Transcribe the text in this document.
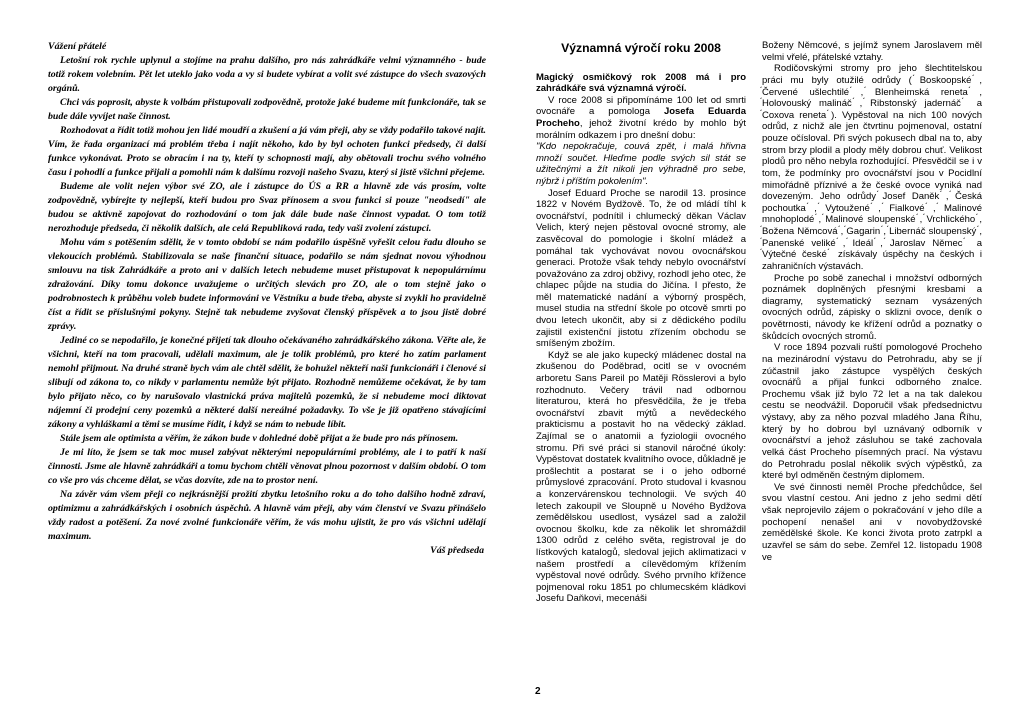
Vážení přátelé

Letošní rok rychle uplynul a stojíme na prahu dalšího, pro nás zahrádkáře velmi významného - bude totiž rokem volebním. Pět let uteklo jako voda a vy si budete vybírat a volit své zástupce do všech svazových orgánů.

Chci vás poprosit, abyste k volbám přistupovali zodpovědně, protože jaké budeme mít funkcionáře, tak se bude dále vyvíjet naše činnost.

Rozhodovat a řídit totiž mohou jen lidé moudří a zkušení a já vám přeji, aby se vždy podařilo takové najít. Vím, že řada organizací má problém třeba i najít někoho, kdo by byl ochoten funkci předsedy, či další funkce vykonávat. Proto se obracím i na ty, kteří ty schopnosti mají, aby obětovali trochu svého volného času i pohodlí a funkce přijali a pomohli nám k dalšímu rozvoji našeho Svazu, který si jistě všichni přejeme.

Budeme ale volit nejen výbor své ZO, ale i zástupce do ÚS a RR a hlavně zde vás prosím, volte zodpovědně, vybírejte ty nejlepší, kteří budou pro Svaz přínosem a svou funkci si pouze "neodsedí" ale budou se aktivně zapojovat do rozhodování o tom jak dále bude naše činnost vypadat. O tom totiž nerozhoduje předseda, či několik dalších, ale celá Republiková rada, tedy vaši zvolení zástupci.

Mohu vám s potěšením sdělit, že v tomto období se nám podařilo úspěšně vyřešit celou řadu dlouho se vlekoucích problémů. Stabilizovala se naše finanční situace, podařilo se nám sjednat novou výhodnou smlouvu na tisk Zahrádkáře a proto ani v dalších letech nebudeme muset přistupovat k nepopulárnímu zdražování. Díky tomu dokonce uvažujeme o určitých slevách pro ZO, ale o tom stejně jako o podrobnostech k průběhu voleb budete informováni ve Věstníku a bude třeba, abyste si zvykli ho pravidelně číst a řídit se příslušnými pokyny. Stejně tak nebudeme zvyšovat členský příspěvek a to jsou jistě dobré zprávy.

Jediné co se nepodařilo, je konečné přijetí tak dlouho očekávaného zahrádkářského zákona. Věřte ale, že všichni, kteří na tom pracovali, udělali maximum, ale je tolik problémů, pro které ho zatím parlament nemohl přijmout. Na druhé straně bych vám ale chtěl sdělit, že bohužel někteří naši funkcionáři i členové si slibují od zákona to, co nikdy v parlamentu nemůže být přijato. Rozhodně nemůžeme očekávat, že by tam bylo přijato něco, co by narušovalo vlastnická práva majitelů pozemků, že si nebudeme moci diktovat nájemní či prodejní ceny pozemků a některé další nereálné požadavky. To vše je již opatřeno stávajícími zákony a vyhláškami a těmi se musíme řídit, i když se nám to nebude líbit.

Stále jsem ale optimista a věřím, že zákon bude v dohledné době přijat a že bude pro nás přínosem.

Je mi líto, že jsem se tak moc musel zabývat některými nepopulárními problémy, ale i to patří k naší činnosti. Jsme ale hlavně zahrádkáři a tomu bychom chtěli věnovat plnou pozornost v dalším období. O tom co vše pro vás chceme dělat, se včas dozvíte, zde na to prostor není.

Na závěr vám všem přeji co nejkrásnější prožití zbytku letošního roku a do toho dalšího hodně zdraví, optimizmu a zahrádkářských i osobních úspěchů. A hlavně vám přeji, aby vám členství ve Svazu přinášelo vždy radost a potěšení. Za nové zvolné funkcionáře věřím, že vás mohu ujistit, že pro vás všichni udělají maximum.

Váš předseda

Významná výročí roku 2008

Magický osmičkový rok 2008 má i pro zahrádkáře svá významná výročí.

V roce 2008 si připomínáme 100 let od smrti ovocnáře a pomologa Josefa Eduarda Procheho, jehož životní krédo by mohlo být morálním odkazem i pro dnešní dobu:

"Kdo nepokračuje, couvá zpět, i malá hřivna množí součet. Hleďme podle svých sil stát se užitečnými a žít nikoli jen výhradně pro sebe, nýbrž i příštím pokolením".

Josef Eduard Proche se narodil 13. prosince 1822 v Novém Bydžově. To, že od mládí tíhl k ovocnářství, podnítil i chlumecký děkan Václav Velich, který nejen pěstoval ovocné stromy, ale zasvěcoval do pomologie i školní mládež a pomáhal tak vychovávat novou ovocnářskou generaci. Protože však tehdy nebylo ovocnářství považováno za zdroj obživy, rozhodl jeho otec, že chlapec půjde na studia do Jičína. I přesto, že měl matematické nadání a výborný prospěch, musel studia na střední škole po otcově smrti po dvou letech ukončit, aby si z dědického podílu zajistil existenční jistotu zřízením obchodu se smíšeným zbožím.

Když se ale jako kupecký mládenec dostal na zkušenou do Poděbrad, ocitl se v ovocném arboretu Sans Pareil po Matěji Rösslerovi a bylo rozhodnuto. Večery trávil nad odbornou literaturou, která ho přesvědčila, že je třeba ovocnářství zbavit mýtů a nevědeckého prakticismu a postavit ho na vědecký základ. Zajímal se o anatomii a fyziologii ovocného stromu. Při své práci si stanovil náročné úkoly: Vypěstovat dostatek kvalitního ovoce, důkladně je prošlechtit a postarat se i o jeho odborné průmyslové zpracování. Proto studoval i kvasnou a konzervárenskou technologii. Ve svých 40 letech zakoupil ve Sloupně u Nového Bydžova zemědělskou usedlost, vysázel sad a založil ovocnou školku, kde za několik let shromáždil 1300 odrůd z celého světa, registroval je do lístkových katalogů, sledoval jejich aklimatizaci v našem prostředí a cílevědomým křížením vypěstoval nové odrůdy. Svého prvního křížence pojmenoval roku 1851 po chlumecském kládkovi Josefu Daňkovi, mecenáši

Boženy Němcové, s jejímž synem Jaroslavem měl velmi vřelé, přátelské vztahy.

Rodičovskými stromy pro jeho šlechtitelskou práci mu byly otužilé odrůdy ( ́Boskoopské ́, ́Červené ušlechtilé ́, ́Blenheimská reneta ́, ́Holovouský malináč ́, ́Ribstonský jadernáč ́ a ́Coxova reneta ́). Vypěstoval na nich 100 nových odrůd, z nichž ale jen čtvrtinu pojmenoval, ostatní pouze očísloval. Při svých pokusech dbal na to, aby strom brzy plodil a plody měly dobrou chuť. Velikost plodů pro něho nebyla rozhodující. Přesvědčil se i v tom, že podmínky pro ovocnářství jsou v Pocidlní mimořádně příznivé a že české ovoce vyniká nad dovezeným. Jeho odrůdy ́Josef Daněk ́, ́Česká pochoutka ́, ́Vytoužené ́, ́Fialkové ́, ́Malinové mnohoplodé ́, ́Malinové sloupenské ́, ́Vrchlického ́, ́Božena Němcová ́, ́Gagarin ́, ́Libernáč sloupenský ́, ́Panenské veliké ́, ́Ideál ́, ́Jaroslav Němec ́ a ́Výtečné české ́ získávaly úspěchy na českých i zahraničních výstavách.

Proche po sobě zanechal i množství odborných poznámek doplněných přesnými kresbami a diagramy, systematický seznam vysázených ovocných odrůd, zápisky o sklizni ovoce, deník o povětrnosti, návody ke křížení odrůd a poznatky o škůdcích ovocných stromů.

V roce 1894 pozvali ruští pomologové Procheho na mezinárodní výstavu do Petrohradu, aby se jí zúčastnil jako zástupce vyspělých českých ovocnářů a přijal funkci odborného znalce. Prochemu však již bylo 72 let a na tak dalekou cestu se neodvážil. Doporučil však předsednictvu výstavy, aby za něho pozval mladého Jana Říhu, který by ho dobrou byl uznávaný odborník v ovocnářství a jehož zásluhou se také zachovala velká část Procheho písemných prací. Na výstavu do Petrohradu poslal několik svých výpěstků, za které byl odměněn čestným diplomem.

Ve své činnosti neměl Proche předchůdce, šel svou vlastní cestou. Ani jedno z jeho sedmi dětí však neprojevilo zájem o pokračování v jeho díle a pochopení nenašel ani v novobydžovské zemědělské škole. Ke konci života proto zatrpkl a uzavřel se sám do sebe. Zemřel 12. listopadu 1908 ve

2
